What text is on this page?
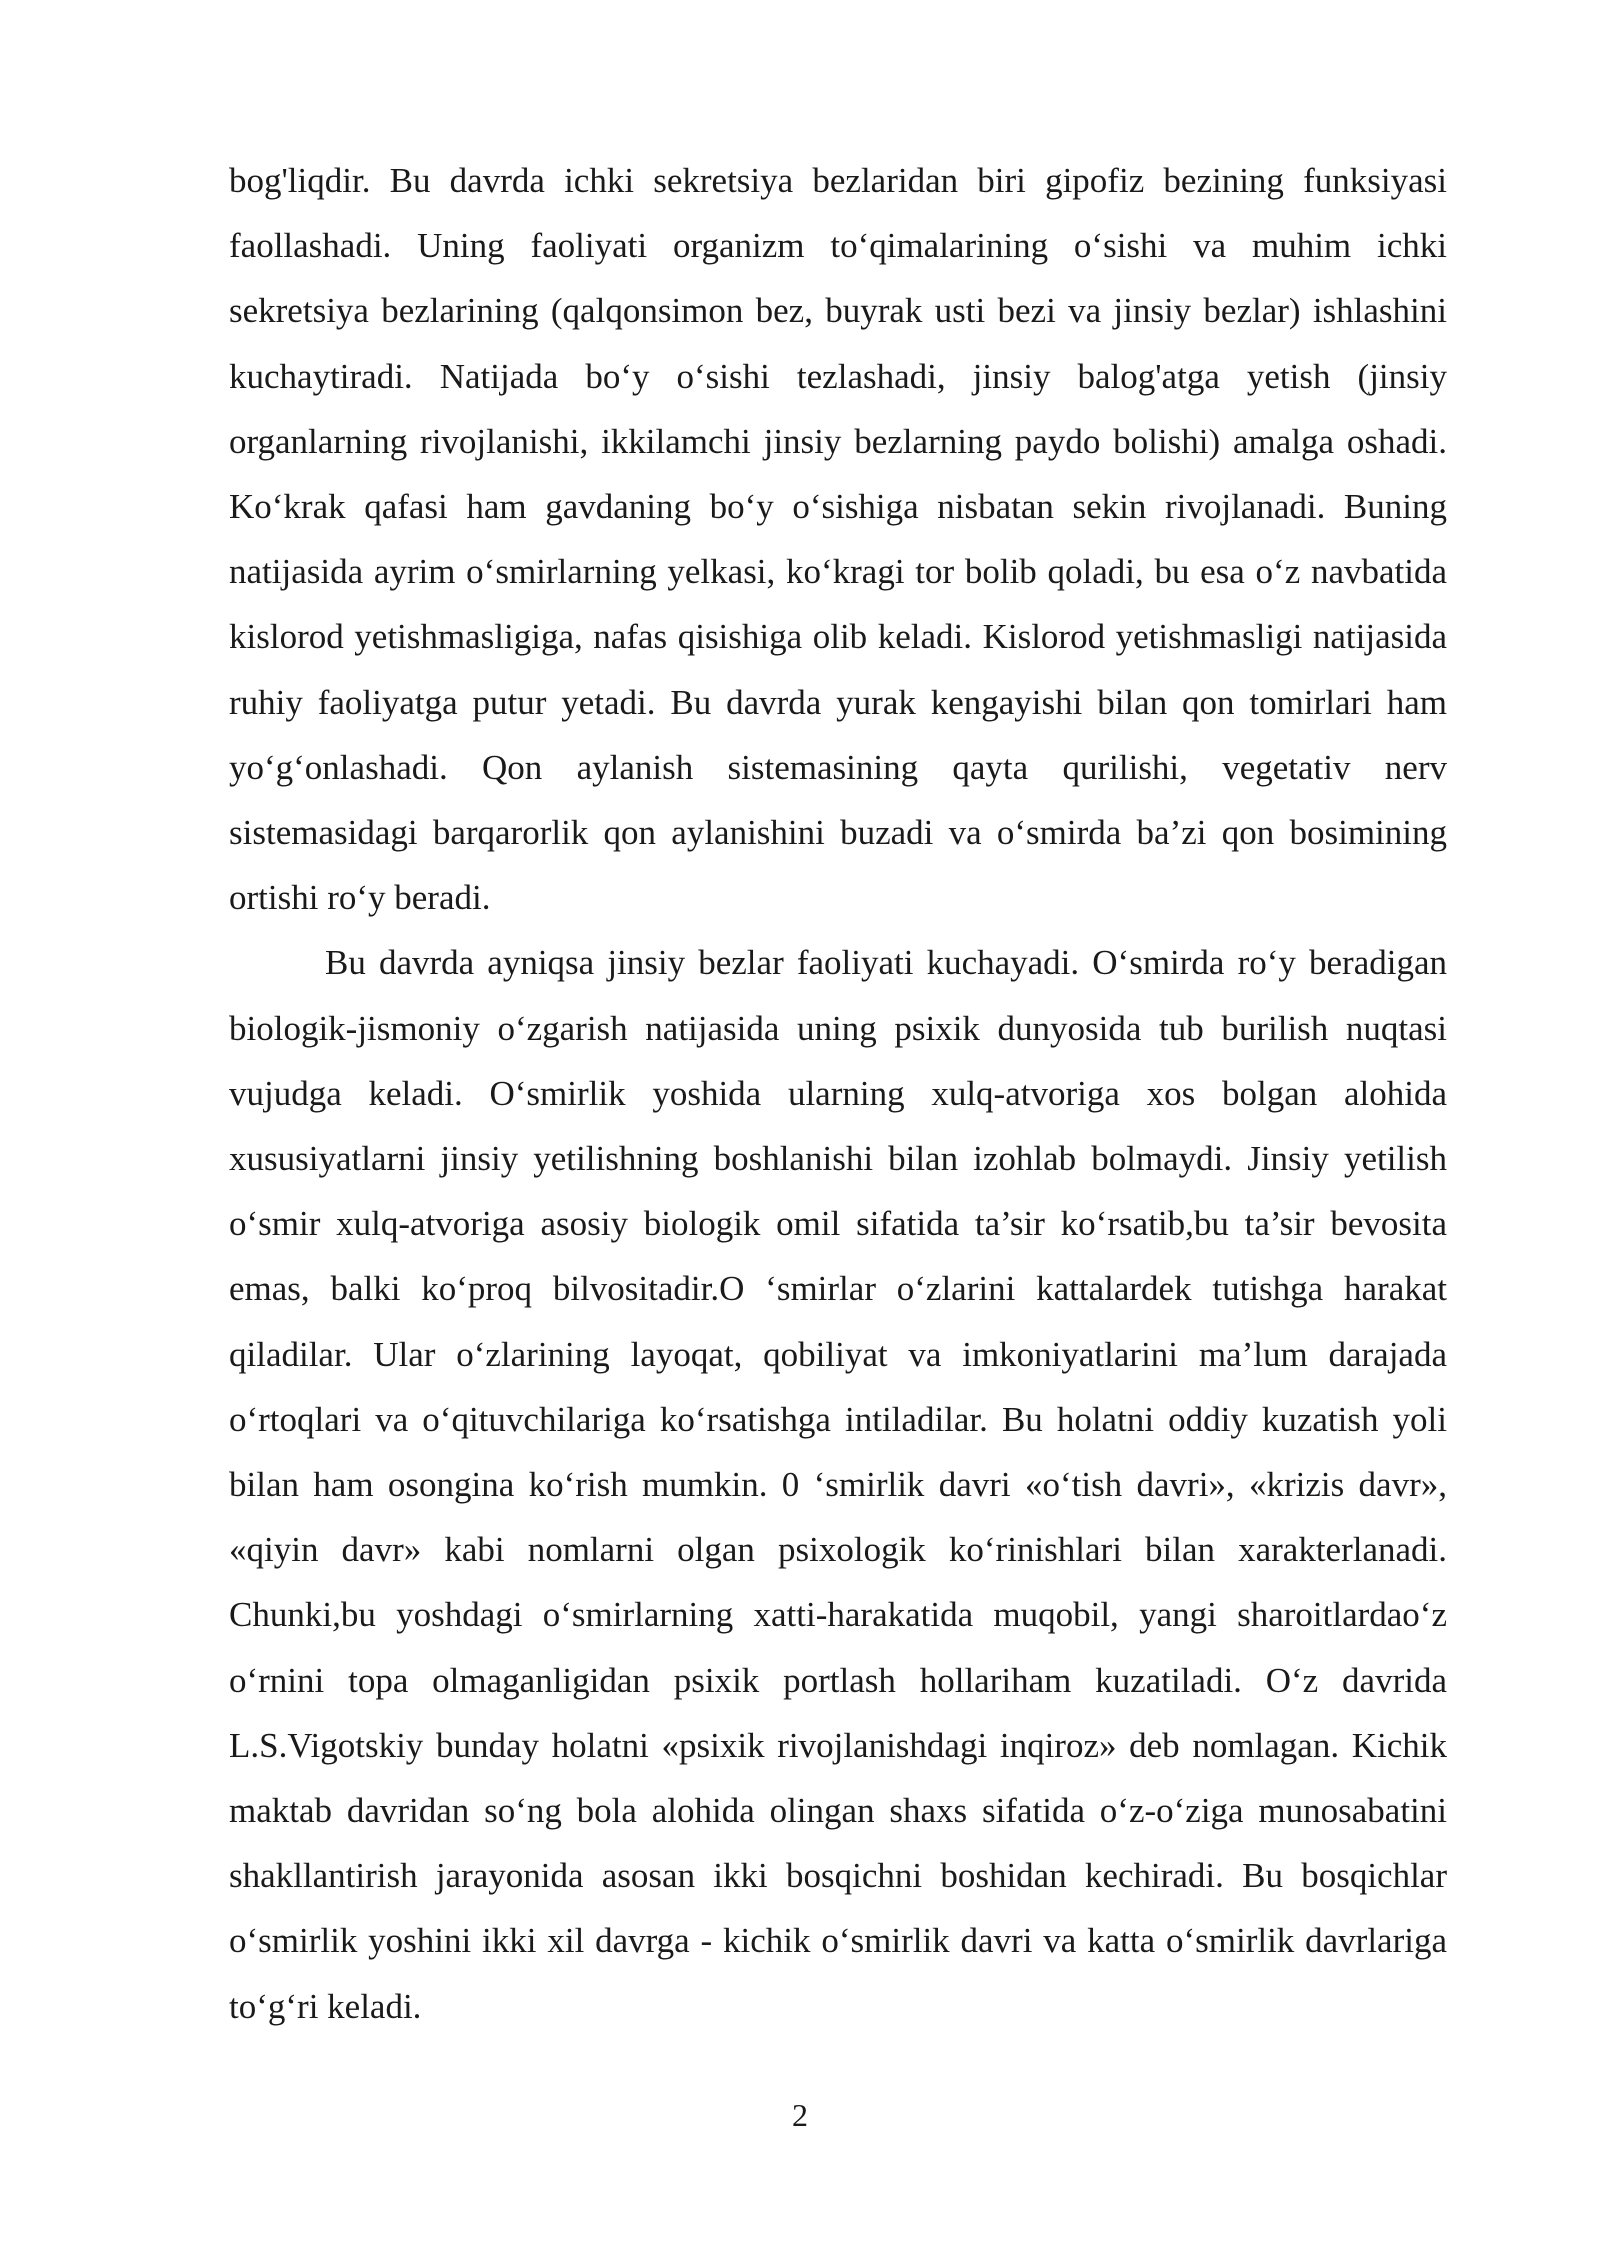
bog'liqdir. Bu davrda ichki sekretsiya bezlaridan biri gipofiz bezining funksiyasi faollashadi. Uning faoliyati organizm to‘qimalarining o‘sishi va muhim ichki sekretsiya bezlarining (qalqonsimon bez, buyrak usti bezi va jinsiy bezlar) ishlashini kuchaytiradi. Natijada bo‘y o‘sishi tezlashadi, jinsiy balog'atga yetish (jinsiy organlarning rivojlanishi, ikkilamchi jinsiy bezlarning paydo bolishi) amalga oshadi. Ko‘krak qafasi ham gavdaning bo‘y o‘sishiga nisbatan sekin rivojlanadi. Buning natijasida ayrim o‘smirlarning yelkasi, ko‘kragi tor bolib qoladi, bu esa o‘z navbatida kislorod yetishmasligiga, nafas qisishiga olib keladi. Kislorod yetishmasligi natijasida ruhiy faoliyatga putur yetadi. Bu davrda yurak kengayishi bilan qon tomirlari ham yo‘g‘onlashadi. Qon aylanish sistemasining qayta qurilishi, vegetativ nerv sistemasidagi barqarorlik qon aylanishini buzadi va o‘smirda ba’zi qon bosimining ortishi ro‘y beradi.

Bu davrda ayniqsa jinsiy bezlar faoliyati kuchayadi. O‘smirda ro‘y beradigan biologik-jismoniy o‘zgarish natijasida uning psixik dunyosida tub burilish nuqtasi vujudga keladi. O‘smirlik yoshida ularning xulq-atvoriga xos bolgan alohida xususiyatlarni jinsiy yetilishning boshlanishi bilan izohlab bolmaydi. Jinsiy yetilish o‘smir xulq-atvoriga asosiy biologik omil sifatida ta’sir ko‘rsatib,bu ta’sir bevosita emas, balki ko‘proq bilvositadir.O ‘smirlar o‘zlarini kattalardek tutishga harakat qiladilar. Ular o‘zlarining layoqat, qobiliyat va imkoniyatlarini ma’lum darajada o‘rtoqlari va o‘qituvchilariga ko‘rsatishga intiladilar. Bu holatni oddiy kuzatish yoli bilan ham osongina ko‘rish mumkin. 0 ‘smirlik davri «o‘tish davri», «krizis davr», «qiyin davr» kabi nomlarni olgan psixologik ko‘rinishlari bilan xarakterlanadi. Chunki,bu yoshdagi o‘smirlarning xatti-harakatida muqobil, yangi sharoitlardao‘z o‘rnini topa olmaganligidan psixik portlash hollariham kuzatiladi. O‘z davrida L.S.Vigotskiy bunday holatni «psixik rivojlanishdagi inqiroz» deb nomlagan. Kichik maktab davridan so‘ng bola alohida olingan shaxs sifatida o‘z-o‘ziga munosabatini shakllantirish jarayonida asosan ikki bosqichni boshidan kechiradi. Bu bosqichlar o‘smirlik yoshini ikki xil davrga - kichik o‘smirlik davri va katta o‘smirlik davrlariga to‘g‘ri keladi.

2
